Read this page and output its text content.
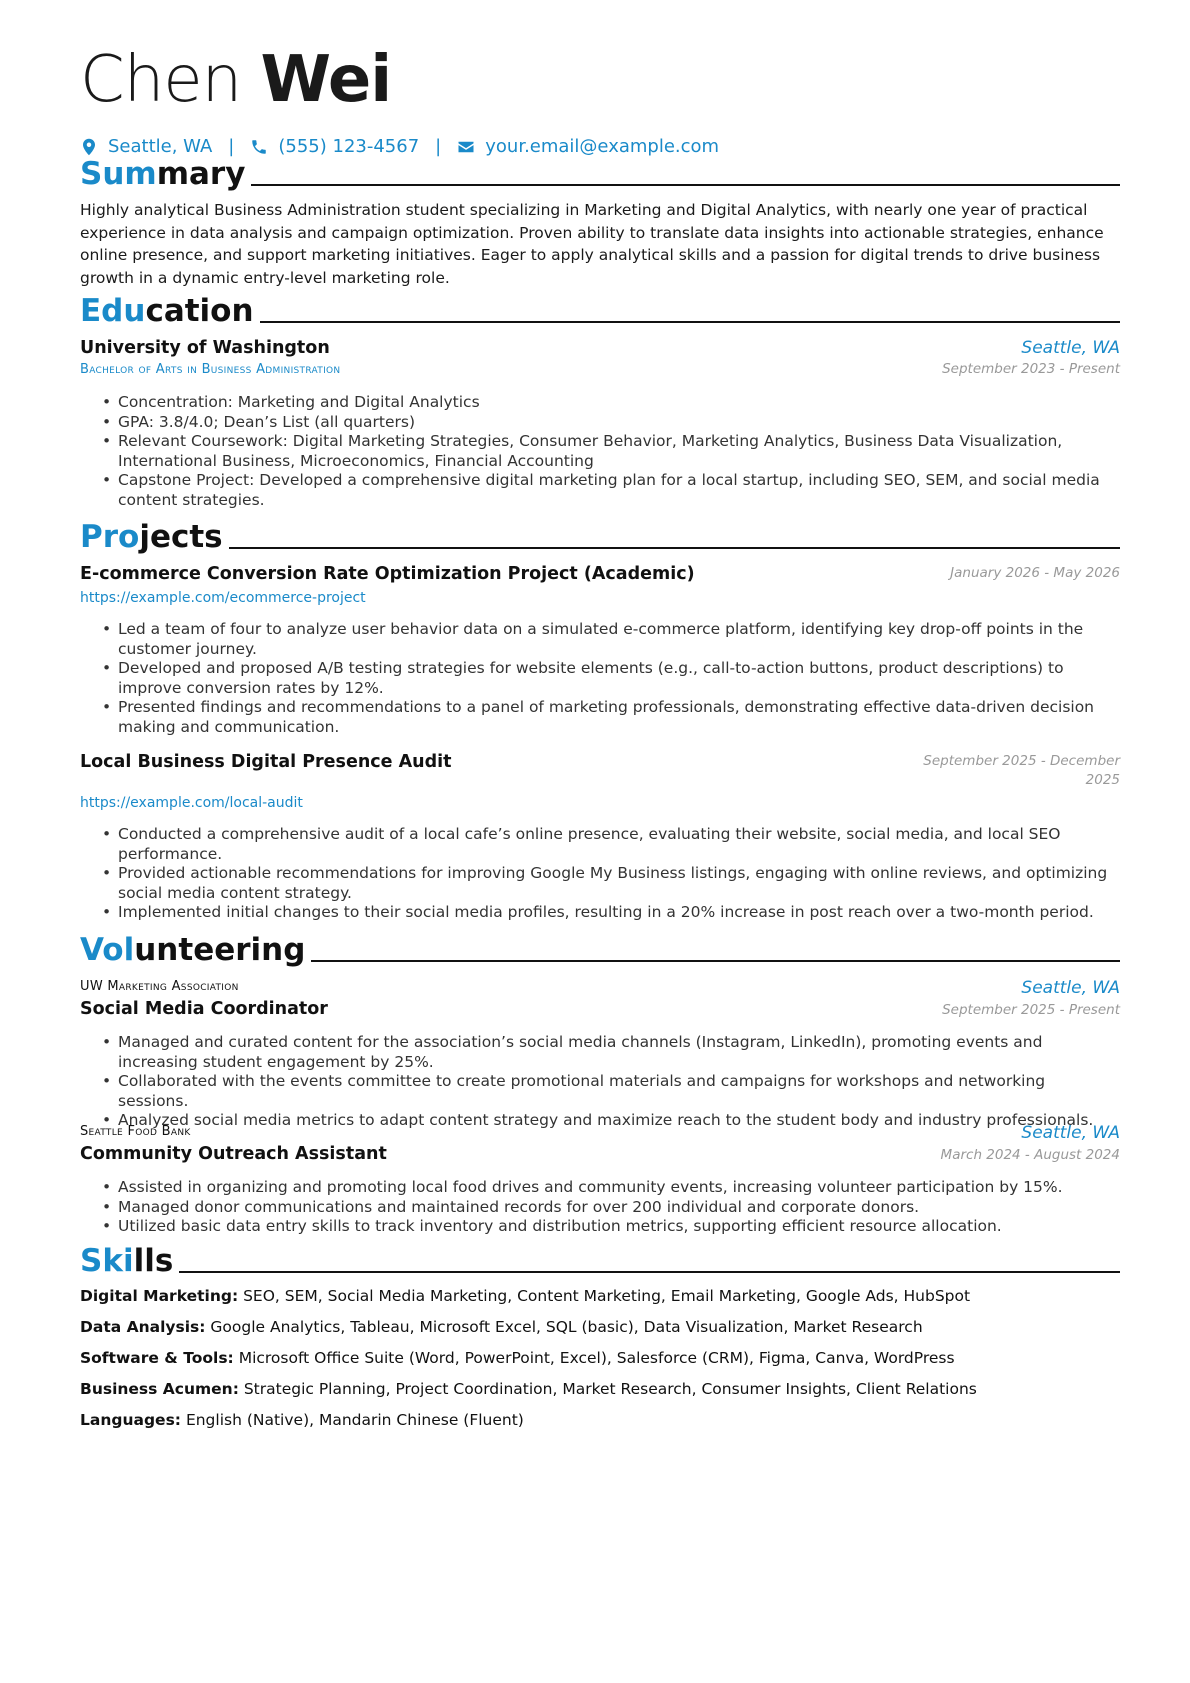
Chen Wei
Seattle, WA | (555) 123-4567 | your.email@example.com
Summary
Highly analytical Business Administration student specializing in Marketing and Digital Analytics, with nearly one year of practical experience in data analysis and campaign optimization. Proven ability to translate data insights into actionable strategies, enhance online presence, and support marketing initiatives. Eager to apply analytical skills and a passion for digital trends to drive business growth in a dynamic entry-level marketing role.
Education
University of Washington	Seattle, WA
Bachelor of Arts in Business Administration	September 2023 - Present
• Concentration: Marketing and Digital Analytics
• GPA: 3.8/4.0; Dean’s List (all quarters)
• Relevant Coursework: Digital Marketing Strategies, Consumer Behavior, Marketing Analytics, Business Data Visualization, International Business, Microeconomics, Financial Accounting
• Capstone Project: Developed a comprehensive digital marketing plan for a local startup, including SEO, SEM, and social media content strategies.
Projects
E-commerce Conversion Rate Optimization Project (Academic)	January 2026 - May 2026
https://example.com/ecommerce-project
• Led a team of four to analyze user behavior data on a simulated e-commerce platform, identifying key drop-off points in the customer journey.
• Developed and proposed A/B testing strategies for website elements (e.g., call-to-action buttons, product descriptions) to improve conversion rates by 12%.
• Presented findings and recommendations to a panel of marketing professionals, demonstrating effective data-driven decision making and communication.
Local Business Digital Presence Audit	September 2025 - December
2025
https://example.com/local-audit
• Conducted a comprehensive audit of a local cafe’s online presence, evaluating their website, social media, and local SEO performance.
• Provided actionable recommendations for improving Google My Business listings, engaging with online reviews, and optimizing social media content strategy.
• Implemented initial changes to their social media profiles, resulting in a 20% increase in post reach over a two-month period.
Volunteering
UW Marketing Association	Seattle, WA
Social Media Coordinator	September 2025 - Present
• Managed and curated content for the association’s social media channels (Instagram, LinkedIn), promoting events and increasing student engagement by 25%.
• Collaborated with the events committee to create promotional materials and campaigns for workshops and networking sessions.
• Analyzed social media metrics to adapt content strategy and maximize reach to the student body and industry professionals.
Seattle Food Bank	Seattle, WA
Community Outreach Assistant	March 2024 - August 2024
• Assisted in organizing and promoting local food drives and community events, increasing volunteer participation by 15%.
• Managed donor communications and maintained records for over 200 individual and corporate donors.
• Utilized basic data entry skills to track inventory and distribution metrics, supporting efficient resource allocation.
Skills
Digital Marketing: SEO, SEM, Social Media Marketing, Content Marketing, Email Marketing, Google Ads, HubSpot
Data Analysis: Google Analytics, Tableau, Microsoft Excel, SQL (basic), Data Visualization, Market Research
Software & Tools: Microsoft Office Suite (Word, PowerPoint, Excel), Salesforce (CRM), Figma, Canva, WordPress
Business Acumen: Strategic Planning, Project Coordination, Market Research, Consumer Insights, Client Relations
Languages: English (Native), Mandarin Chinese (Fluent)
